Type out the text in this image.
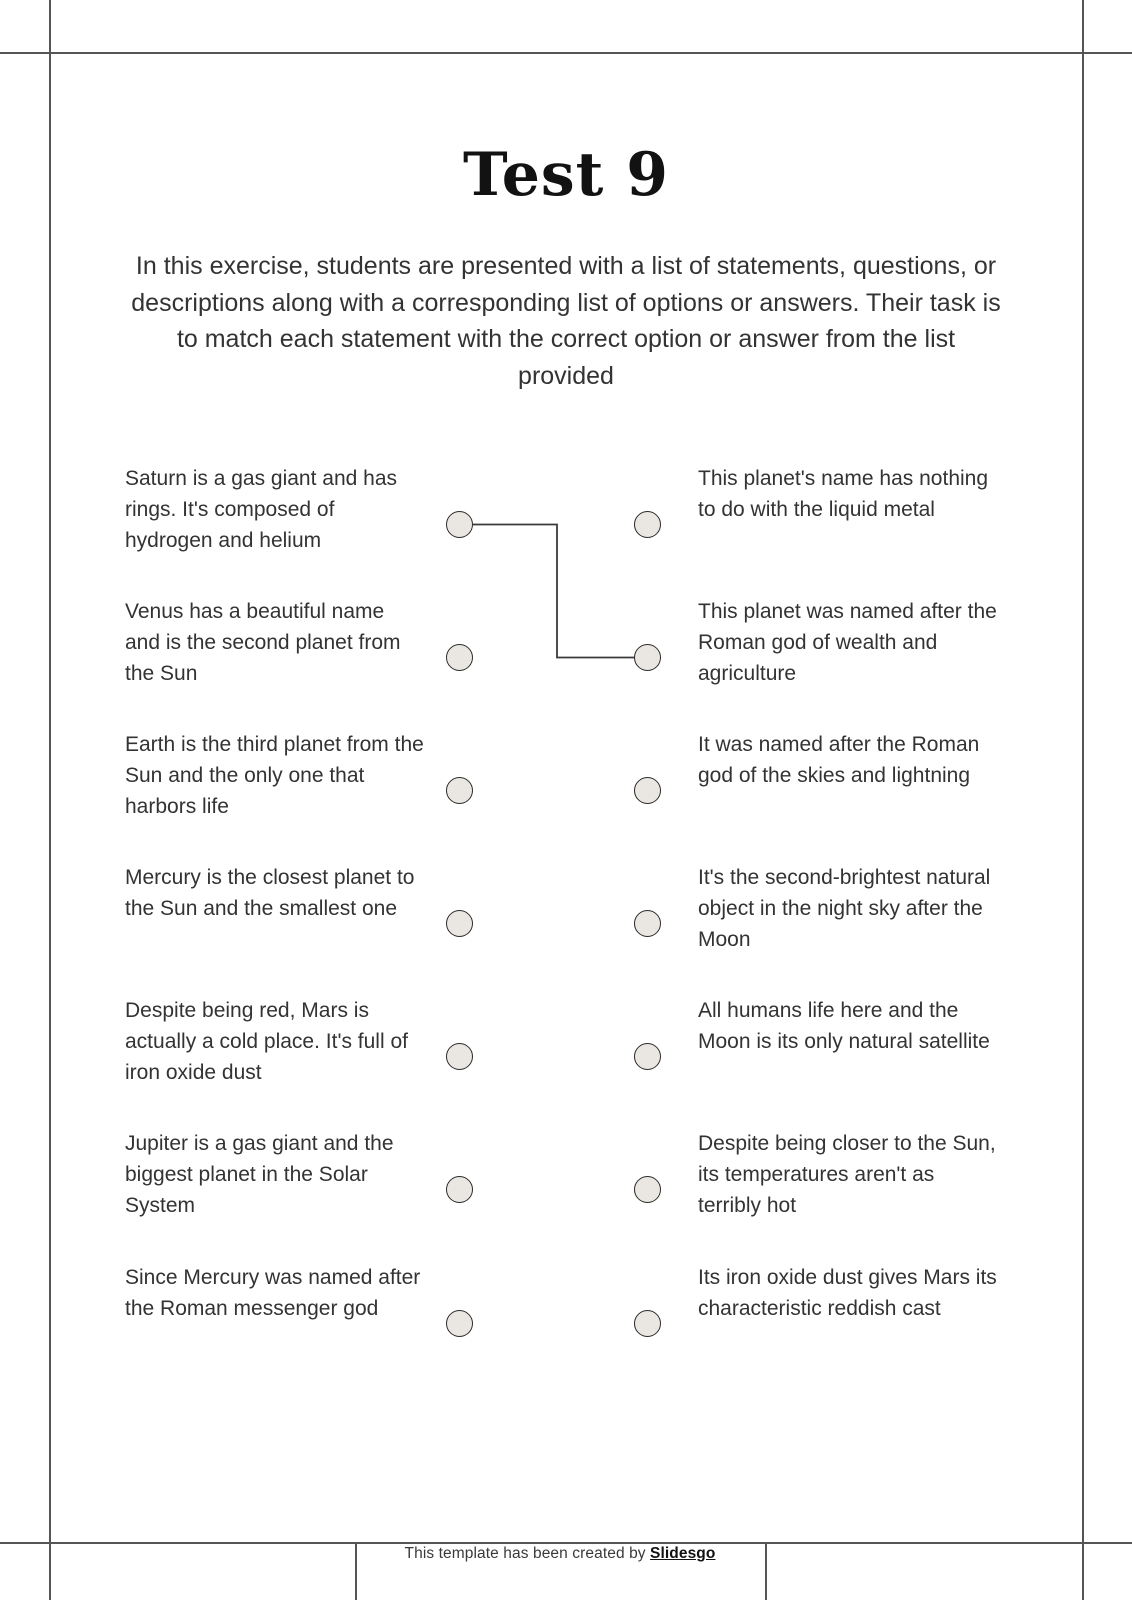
Test 9
In this exercise, students are presented with a list of statements, questions, or descriptions along with a corresponding list of options or answers. Their task is to match each statement with the correct option or answer from the list provided
Saturn is a gas giant and has rings. It's composed of hydrogen and helium
This planet's name has nothing to do with the liquid metal
Venus has a beautiful name and is the second planet from the Sun
This planet was named after the Roman god of wealth and agriculture
Earth is the third planet from the Sun and the only one that harbors life
It was named after the Roman god of the skies and lightning
Mercury is the closest planet to the Sun and the smallest one
It's the second-brightest natural object in the night sky after the Moon
Despite being red, Mars is actually a cold place. It's full of iron oxide dust
All humans life here and the Moon is its only natural satellite
Jupiter is a gas giant and the biggest planet in the Solar System
Despite being closer to the Sun, its temperatures aren't as terribly hot
Since Mercury was named after the Roman messenger god
Its iron oxide dust gives Mars its characteristic reddish cast
This template has been created by Slidesgo
